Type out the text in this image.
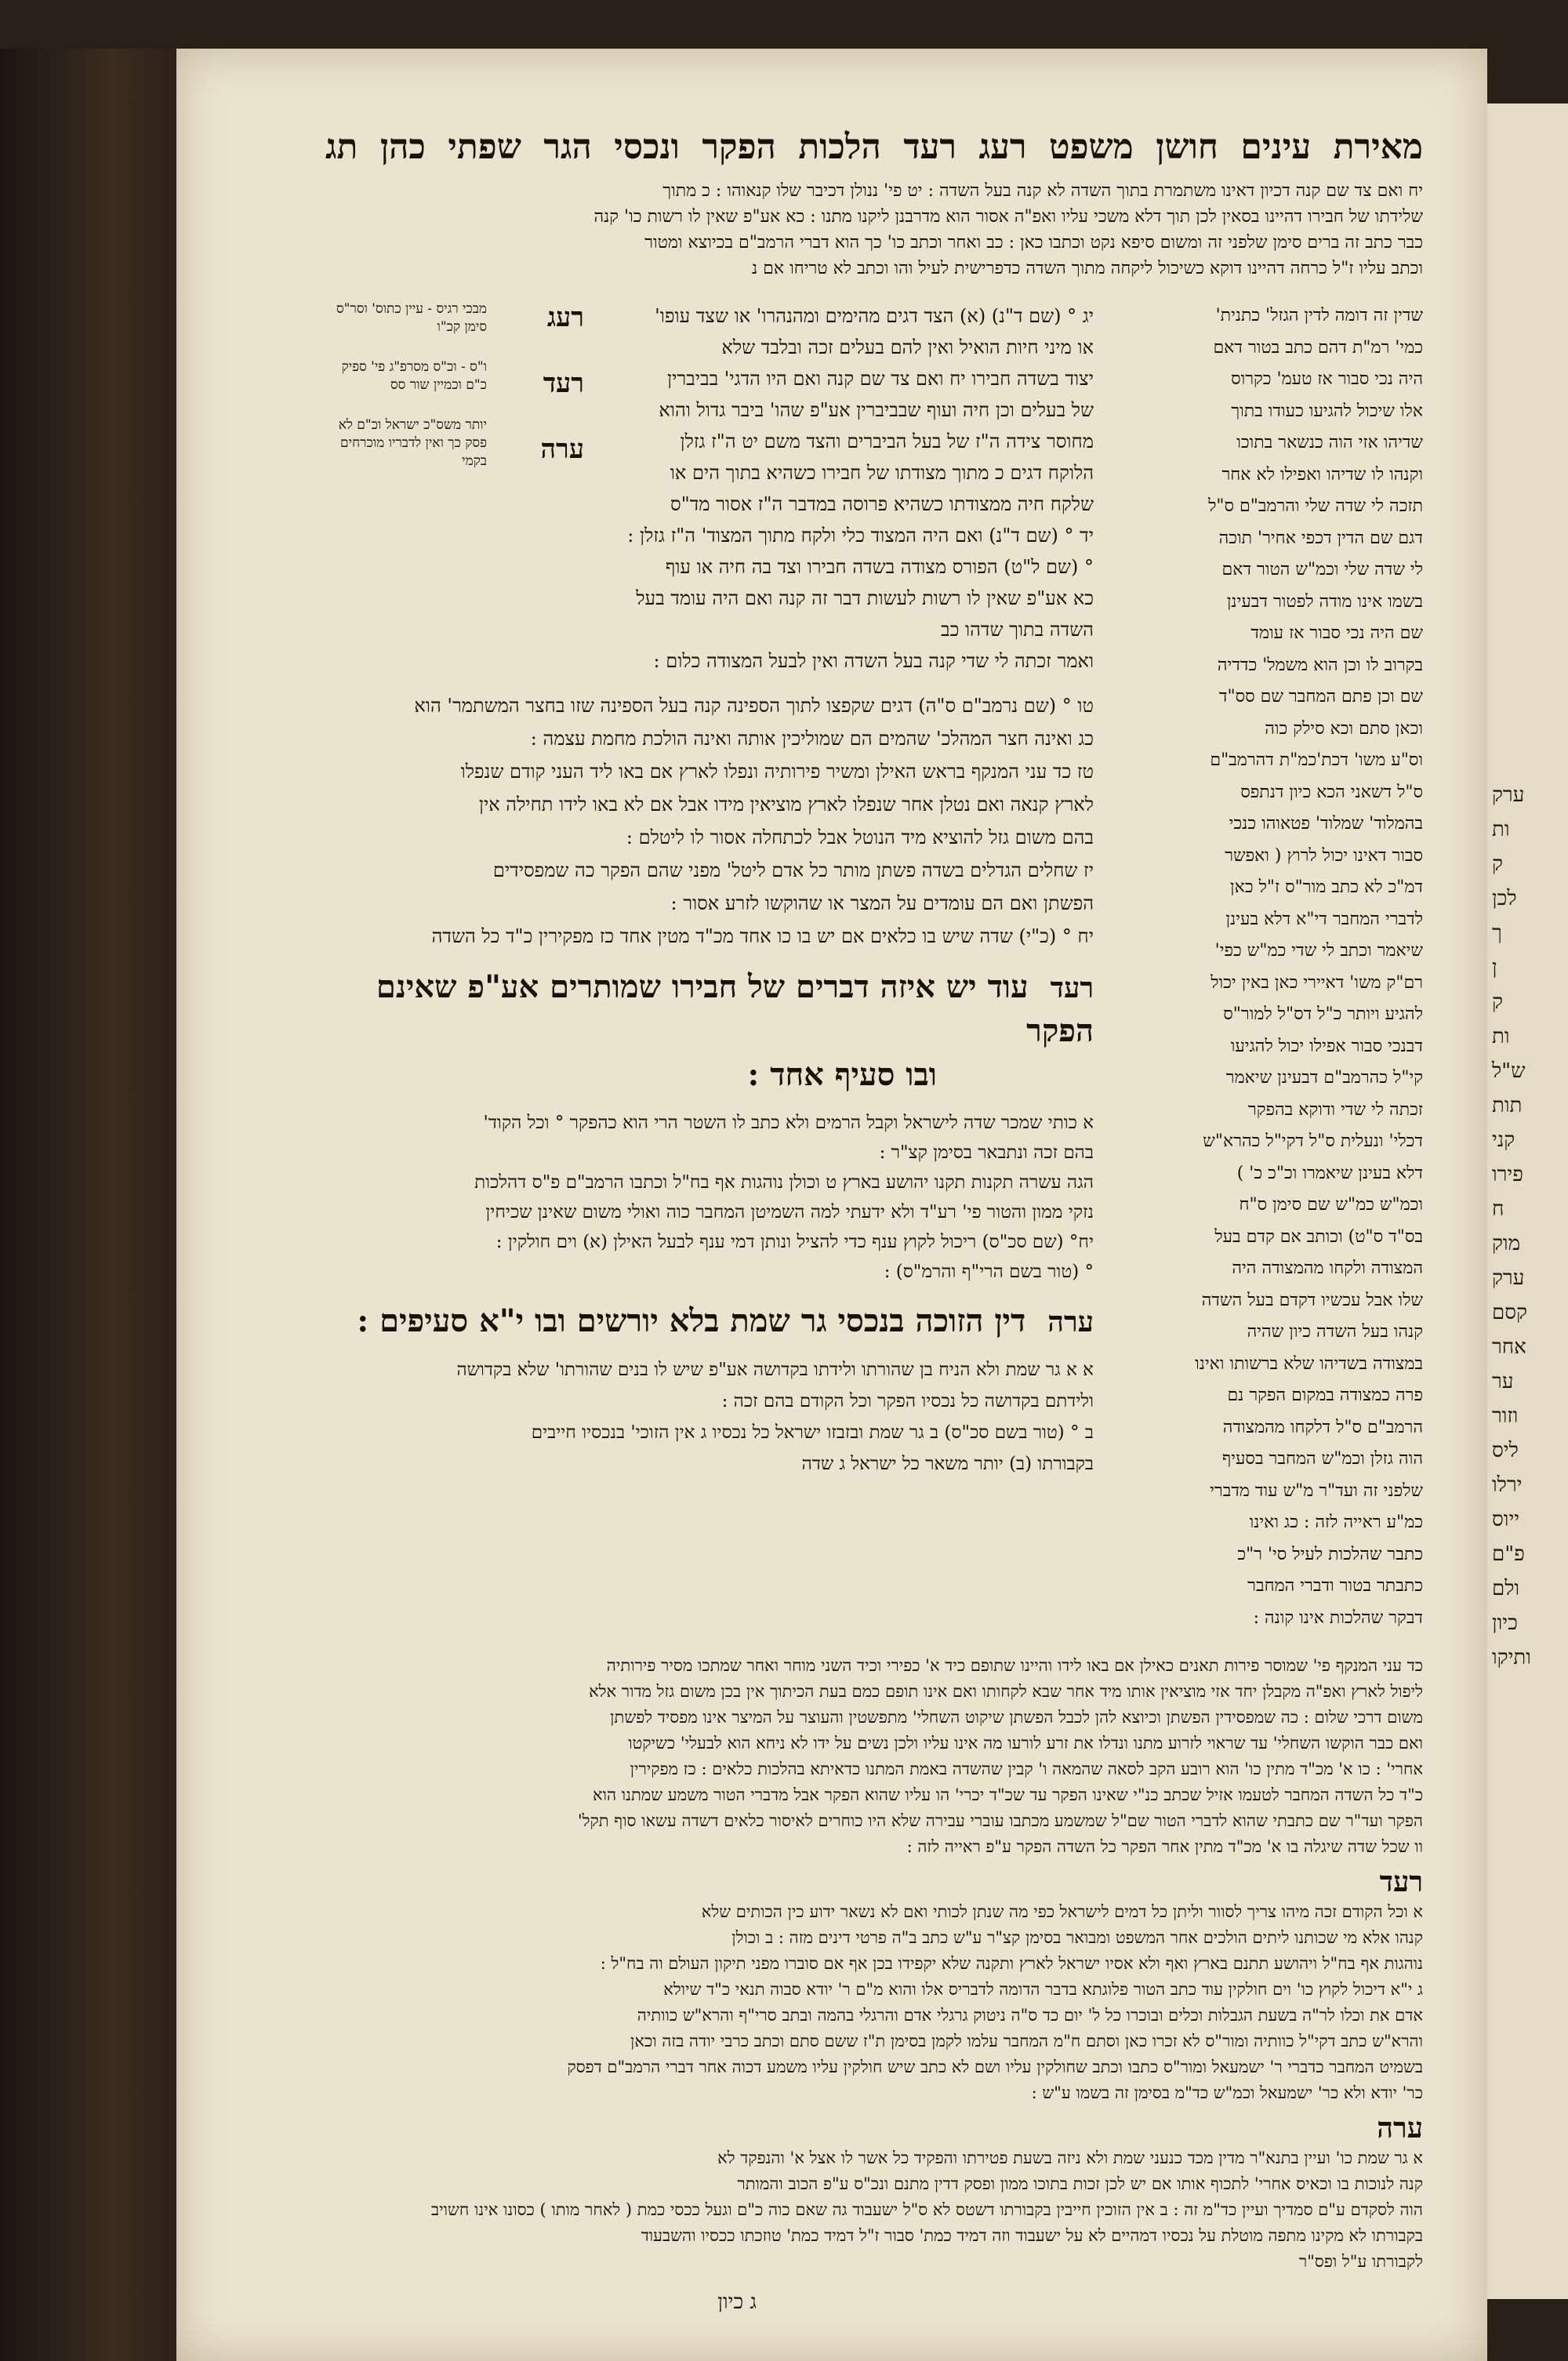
ערק
ות
ק
לכן
ך
ן
ק
ות
ש"ל
תות
קני
פירו
ח
מוק
ערק
קסם
אחר
ער
וזור
ליס
ירלו
ייוס
פ"ם
ולם
כיון
ותיקו
מאירת עינים חושן משפט רעג רעד הלכות הפקר ונכסי הגר שפתי כהן תג

יח ואם צד שם קנה דכיון דאינו משתמרת בתוך השדה לא קנה בעל השדה : יט פי' ננולן דכיבר שלו קנאוהו : כ מתוך

שלידתו של חבירו דהיינו בסאין לכן תוך דלא משכי עליו ואפ"ה אסור הוא מדרבנן ליקנו מתנו : כא אע"פ שאין לו רשות כו' קנה

כבר כתב זה ברים סימן שלפני זה ומשום סיפא נקט וכתבו כאן : כב ואחר וכתב כו' כך הוא דברי הרמב"ם בכיוצא ומטור

וכתב עליו ז"ל כרחה דהיינו דוקא כשיכול ליקחה מתוך השדה כדפרישית לעיל והו וכתב לא טריחו אם נ

שדין זה דומה לדין הגזל' כתנית'

כמי' רמ"ת דהם כתב בטור דאם

היה נכי סבור אז טעמ' כקרוס

אלו שיכול להגיעו כעודו בתוך

שדיהו אזי הוה כנשאר בתוכו

וקנהו לו שדיהו ואפילו לא אחר

תזכה לי שדה שלי והרמב"ם ס"ל

דגם שם הדין דכפי אחיר' תוכה

לי שדה שלי וכמ"ש הטור דאם

בשמו אינו מודה לפטור דבעינן

שם היה נכי סבור אז עומד

בקרוב לו וכן הוא משמל' כדדיה

שם וכן פתם המחבר שם סס"ד

וכאן סתם וכא סילק כוה

וס"ע משו' דכת'כמ"ת דהרמב"ם

ס"ל דשאני הכא כיון דנתפס

בהמלוד' שמלוד' פטאוהו כנכי

סבור דאינו יכול לרוץ ( ואפשר

דמ"כ לא כתב מור"ס ז"ל כאן

לדברי המחבר די"א דלא בעינן

שיאמר וכתב לי שדי כמ"ש כפי'

רם"ק משו' דאיירי כאן באין יכול

להגיע ויותר כ"ל דס"ל למור"ס

דבנכי סבור אפילו יכול להגיעו

קי"ל כהרמב"ם דבעינן שיאמר

זכתה לי שדי ודוקא בהפקר

דכלי' ונעלית ס"ל דקי"ל כהרא"ש

דלא בעינן שיאמרו וכ"כ כ' )

וכמ"ש כמ"ש שם סימן ס"ח

בס"ד ס"ט) וכותב אם קדם בעל

המצודה ולקחו מהמצודה היה

שלו אבל עכשיו דקדם בעל השדה

קנהו בעל השדה כיון שהיה

במצודה בשדיהו שלא ברשותו ואינו

פרה כמצודה במקום הפקר נם

הרמב"ם ס"ל דלקחו מהמצודה

הוה גזלן וכמ"ש המחבר בסעיף

שלפני זה ועד"ר מ"ש עוד מדברי

כמ"ע ראייה לזה : כג ואינו

כתבר שהלכות לעיל סי' ר"כ

כתבתר בטור ודברי המחבר

דבקר שהלכות אינו קונה :

יג ° (שם ד"נ) (א) הצד דגים מהימים ומהנהרו' או שצד עופו'

או מיני חיות הואיל ואין להם בעלים זכה ובלבד שלא

יצוד בשדה חבירו יח ואם צד שם קנה ואם היו הדגי' בביברין

של בעלים וכן חיה ועוף שבביברין אע"פ שהו' ביבר גדול והוא

מחוסר צידה ה"ז של בעל הביברים והצד משם יט ה"ז גזלן

הלוקח דגים כ מתוך מצודתו של חבירו כשהיא בתוך הים או

שלקח חיה ממצודתו כשהיא פרוסה במדבר ה"ז אסור מד"ס

יד ° (שם ד"נ) ואם היה המצוד כלי ולקח מתוך המצוד' ה"ז גזלן :

° (שם ל"ט) הפורס מצודה בשדה חבירו וצד בה חיה או עוף

כא אע"פ שאין לו רשות לעשות דבר זה קנה ואם היה עומד בעל השדה בתוך שדהו כב

ואמר זכתה לי שדי קנה בעל השדה ואין לבעל המצודה כלום :

רעג
רעד
ערה
מבכי רגיס - עיין כתוס' וסר"ס סימן קכ"ו
ו"ס - וכ"ס מסרפ"ג פי' ספיק כ"ם וכמיין שור סס
יותר משס"כ ישראל וכ"ם לא פסק כך ואין לדבריו מוכרחים בקמי

טו ° (שם נרמב"ם ס"ה) דגים שקפצו לתוך הספינה קנה בעל הספינה שזו בחצר המשתמר' הוא

כג ואינה חצר המהלכ' שהמים הם שמוליכין אותה ואינה הולכת מחמת עצמה :

טז כד עני המנקף בראש האילן ומשיר פירותיה ונפלו לארץ אם באו ליד העני קודם שנפלו

לארץ קנאה ואם נטלן אחר שנפלו לארץ מוציאין מידו אבל אם לא באו לידו תחילה אין

בהם משום גזל להוציא מיד הנוטל אבל לכתחלה אסור לו ליטלם :

יז שחלים הגדלים בשדה פשתן מותר כל אדם ליטל' מפני שהם הפקר כה שמפסידים

הפשתן ואם הם עומדים על המצר או שהוקשו לזרע אסור :

יח ° (כ"י) שדה שיש בו כלאים אם יש בו כו אחד מכ"ד מטין אחד כז מפקירין כ"ד כל השדה

רעד עוד יש איזה דברים של חבירו שמותרים אע"פ שאינם הפקר

ובו סעיף אחד :

א כותי שמכר שדה לישראל וקבל הרמים ולא כתב לו השטר הרי הוא כהפקר ° וכל הקוד'

בהם זכה ונתבאר בסימן קצ"ר :

הגה עשרה תקנות תקנו יהושע בארץ ט וכולן נוהגות אף בח"ל וכתבו הרמב"ם פ"ס דהלכות

נזקי ממון והטור פי' רע"ד ולא ידעתי למה השמיטן המחבר כוה ואולי משום שאינן שכיחין

יח° (שם סכ"ס) ריכול לקוץ ענף כדי להציל ונותן דמי ענף לבעל האילן (א) וים חולקין :

° (טור בשם הרי"ף והרמ"ס) :

ערה דין הזוכה בנכסי גר שמת בלא יורשים ובו י"א סעיפים :

א א גר שמת ולא הניח בן שהורתו ולידתו בקדושה אע"פ שיש לו בנים שהורתו' שלא בקדושה

ולידתם בקדושה כל נכסיו הפקר וכל הקודם בהם זכה :

ב ° (טור בשם סכ"ס) ב גר שמת ובזבזו ישראל כל נכסיו ג אין הזוכי' בנכסיו חייבים

בקבורתו (ב) יותר משאר כל ישראל ג שדה

כד עני המנקף פי' שמוסר פירות תאנים כאילן אם באו לידו והיינו שתופם כיד א' כפירי וכיד השני מוחר ואחר שמתכו מסיר פירותיה

ליפול לארץ ואפ"ה מקבלן יחד אזי מוציאין אותו מיד אחר שבא לקחותו ואם אינו תופם כמם בעת הכיתוך אין בכן משום גזל מדור אלא

משום דרכי שלום : כה שמפסידין הפשתן וכיוצא להן לכבל הפשתן שיקוט השחלי' מתפשטין והעוצר על המיצר אינו מפסיד לפשתן

ואם כבר הוקשו השחלי' עד שראוי לזרוע מתנו ונדלו את זרע לורעו מה אינו עליו ולכן נשים על ידו לא ניחא הוא לבעלי' כשיקטו

אחרי' : כו א' מכ"ד מתין כו' הוא רובע הקב לסאה שהמאה ו' קבין שהשדה באמת המתנו כדאיתא בהלכות כלאים : כז מפקירין

כ"ד כל השדה המחבר לטעמו אזיל שכתב כנ"י שאינו הפקר עד שכ"ד יכרי' הו עליו שהוא הפקר אבל מדברי הטור משמע שמתנו הוא

הפקר ועד"ר שם כתבתי שהוא לדברי הטור שם"ל שמשמע מכתבו עוברי עבירה שלא היו כוחרים לאיסור כלאים דשדה עשאו סוף תקל'

וו שכל שדה שיגלה בו א' מכ"ד מתין אחר הפקר כל השדה הפקר ע"פ ראייה לזה :

רעד
א וכל הקודם זכה מיהו צריך לסוור וליתן כל דמים לישראל כפי מה שנתן לכותי ואם לא נשאר ידוע כין הכותים שלא
קנהו אלא מי שכותנו ליתים הולכים אחר המשפט ומבואר בסימן קצ"ר ע"ש כתב ב"ה פרטי דינים מזה : ב וכולן
נוהגות אף בח"ל ויהושע תתנם בארץ ואף ולא אסיו ישראל לארץ ותקנה שלא יקפידו בכן אף אם סוברו מפני תיקון העולם וה בח"ל :
ג י"א דיכול לקוץ כו' וים חולקין עוד כתב הטור פלוגתא בדבר הדומה לדבריס אלו והוא מ"ם ר' יודא סבוה תנאי כ"ד שיולא
אדם את וכלו לר"ה בשעת הגבלות וכלים ובוכרו כל ל' יום כד ס"ה ניטוק גרגלי אדם והרגלי בהמה ובתב סרי"ף והרא"ש כוותיה
והרא"ש כתב דקי"ל כוותיה ומור"ס לא זכרו כאן וסתם ח"מ המחבר עלמו לקמן בסימן ת"ז ששם סתם וכתב כרבי יודה בזה וכאן
בשמיט המחבר כדברי ר' ישמעאל ומור"ס כתבו וכתב שחולקין עליו ושם לא כתב שיש חולקין עליו משמע דכוה אחר דברי הרמב"ם דפסק
כר' יודא ולא כר' ישמעאל וכמ"ש כד"מ בסימן זה בשמו ע"ש :
ערה
א גר שמת כו' ועיין בתנא"ר מדין מכד כנעני שמת ולא ניזה בשעת פטירתו והפקיד כל אשר לו אצל א' והנפקד לא
קנה לנוכות בו וכאיס אחרי' לתכוף אותו אם יש לכן זכות בתוכו ממון ופסק דדין מתנם ונכ"ס ע"פ הכוב והמותר
הוה לסקדם ע"ם סמדיך ועיין כד"מ זה : ב אין הזוכין חייבין בקבורתו דשטס לא ס"ל ישעבוד גה שאם כוה כ"ם וגעל ככסי כמת ( לאחר מותו ) כסונו אינו חשויב
בקבורתו לא מקינו מתפה מוטלת על נכסיו דמהיים לא על ישעבוד וזה דמיד כמת' סבור ז"ל דמיד כמת' טוזכתו ככסיו והשבעוד
לקבורתו ע"ל ופס"ר
ג כיון
